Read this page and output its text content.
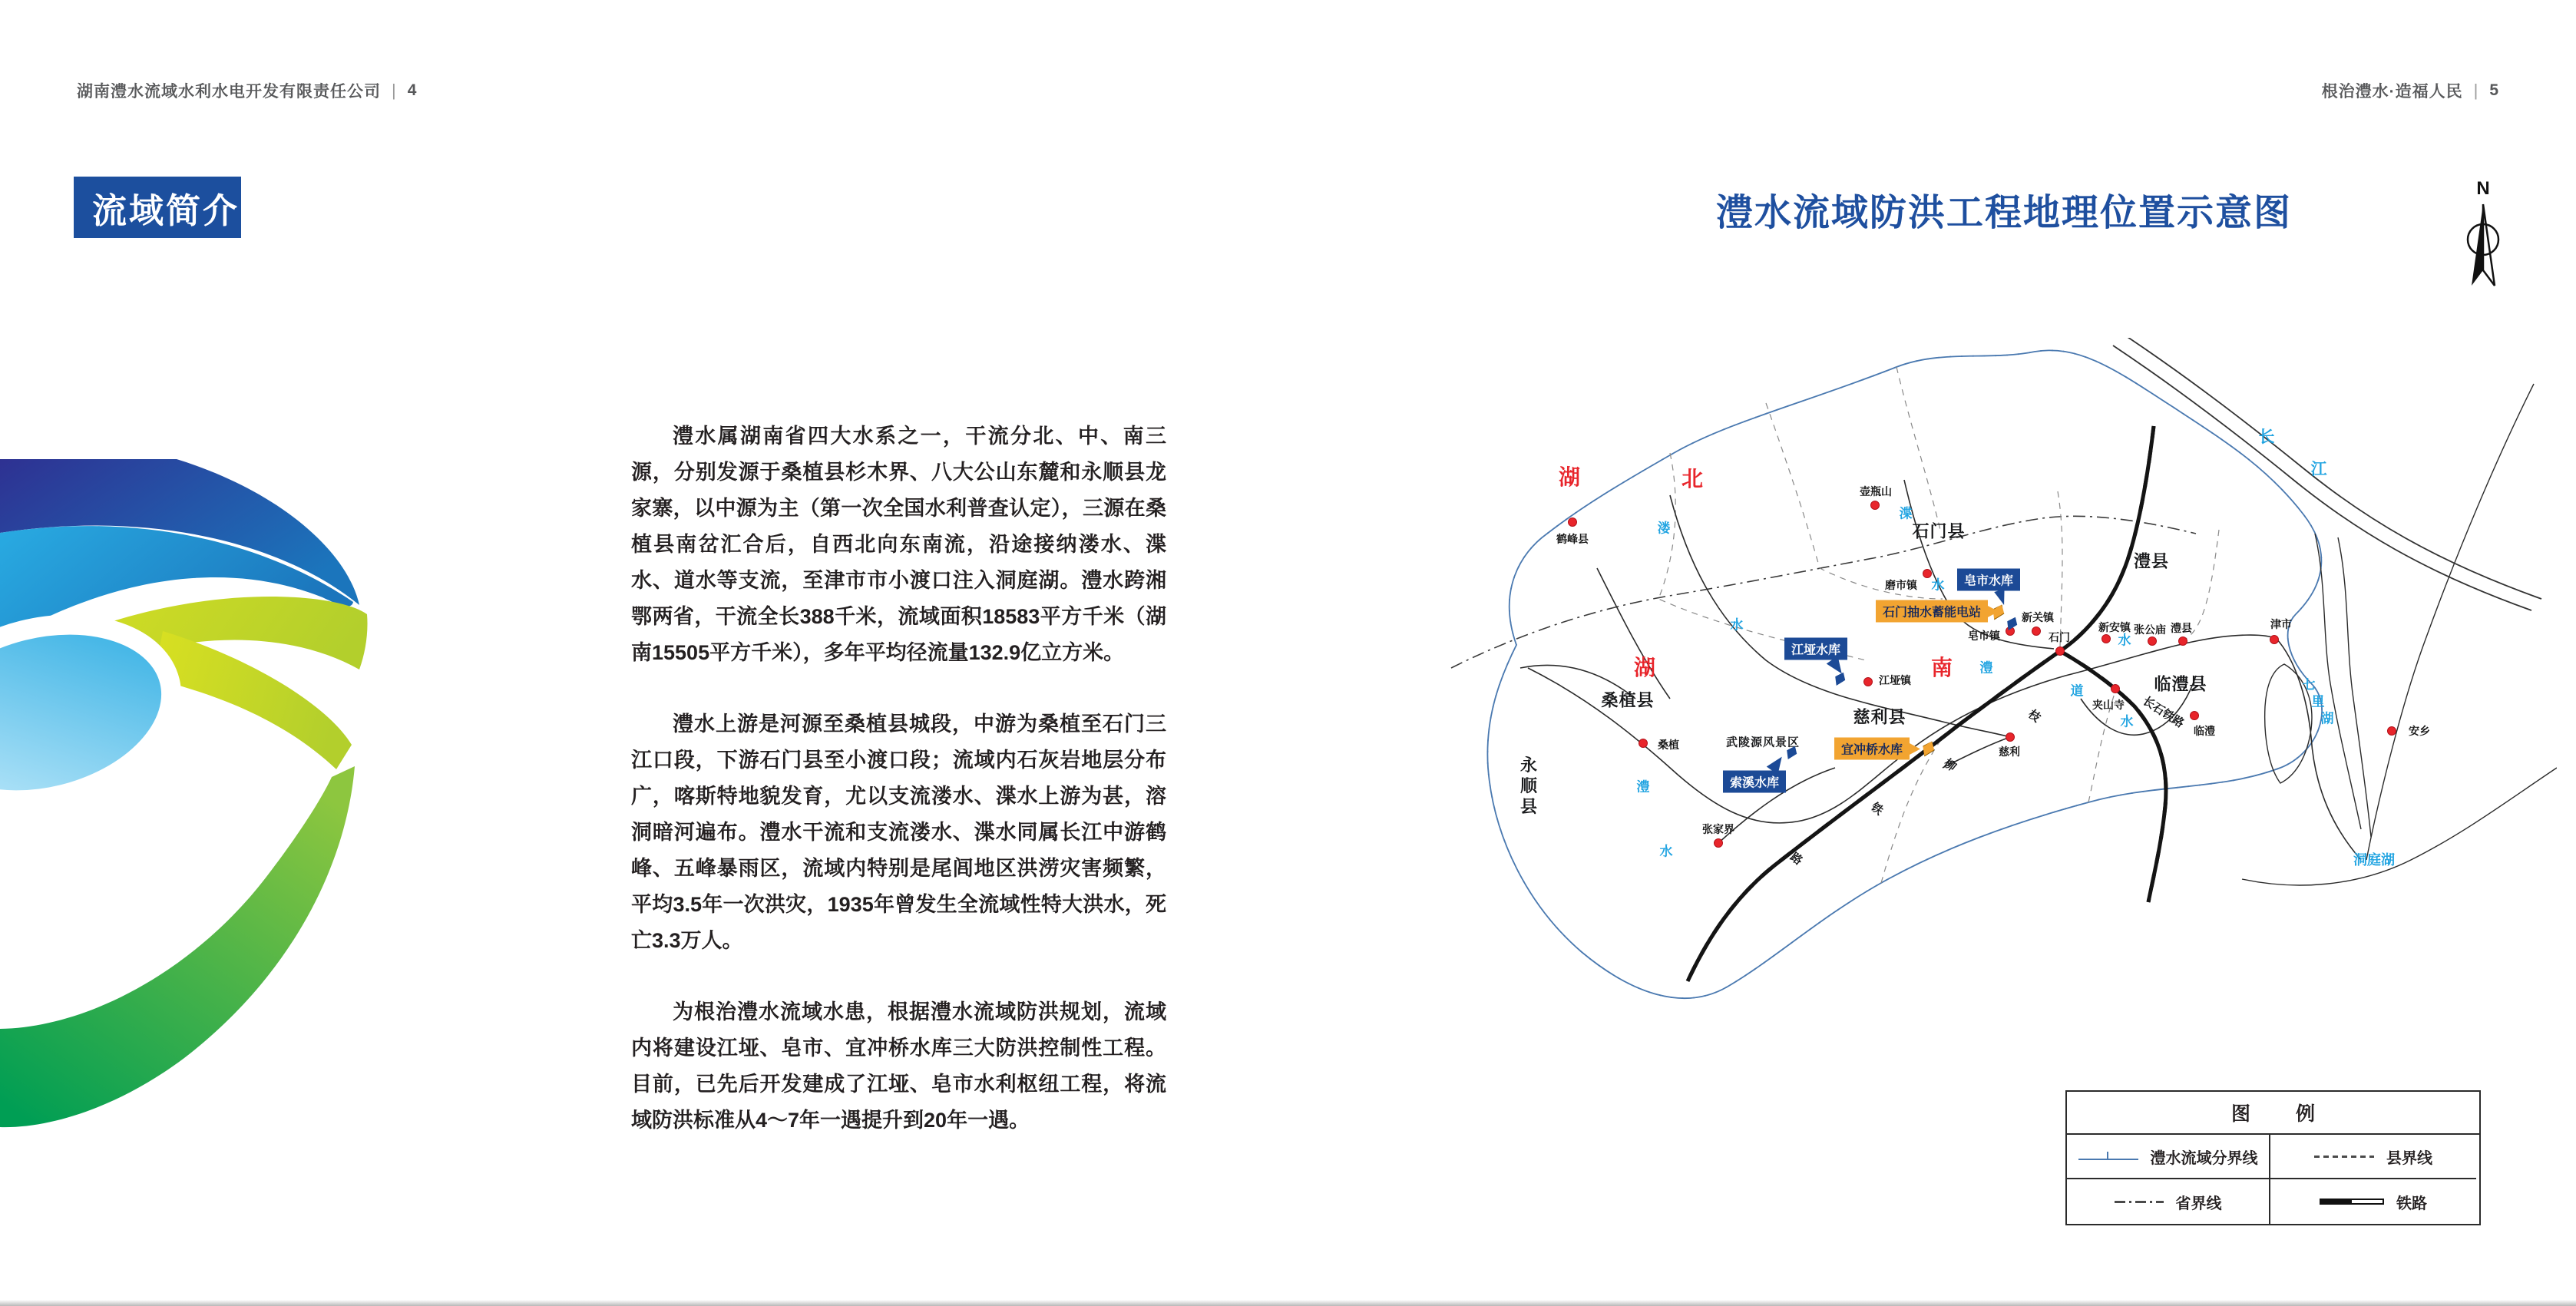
湖南澧水流域水利水电开发有限责任公司 | 4	根治澧水·造福人民 | 5
流域简介

澧水属湖南省四大水系之一，干流分北、中、南三源，分别发源于桑植县杉木界、八大公山东麓和永顺县龙家寨，以中源为主（第一次全国水利普查认定），三源在桑植县南岔汇合后，自西北向东南流，沿途接纳溇水、渫水、道水等支流，至津市市小渡口注入洞庭湖。澧水跨湘鄂两省，干流全长388千米，流域面积18583平方千米（湖南15505平方千米），多年平均径流量132.9亿立方米。

澧水上游是河源至桑植县城段，中游为桑植至石门三江口段，下游石门县至小渡口段；流域内石灰岩地层分布广，喀斯特地貌发育，尤以支流溇水、渫水上游为甚，溶洞暗河遍布。澧水干流和支流溇水、渫水同属长江中游鹤峰、五峰暴雨区，流域内特别是尾闾地区洪涝灾害频繁，平均3.5年一次洪灾，1935年曾发生全流域性特大洪水，死亡3.3万人。

为根治澧水流域水患，根据澧水流域防洪规划，流域内将建设江垭、皂市、宜冲桥水库三大防洪控制性工程。目前，已先后开发建成了江垭、皂市水利枢纽工程，将流域防洪标准从4～7年一遇提升到20年一遇。

澧水流域防洪工程地理位置示意图
N
湖	北
湖	南
溇
水
渫
水
澧
水
道
水
澧
水
长
江
七
里
湖
洞庭湖
石门县
澧县
临澧县
慈利县
桑植县
永顺县
武陵源风景区
枝
柳
铁
路
长石铁路
鹤峰县
壶瓶山
磨市镇
皂市镇
新关镇
石门
新安镇 张公庙 澧县	津市
夹山寺
临澧	安乡
桑植
张家界
江垭镇
慈利
江垭水库
皂市水库
索溪水库
石门抽水蓄能电站
宜冲桥水库
图 例
澧水流域分界线	县界线
省界线	铁路
